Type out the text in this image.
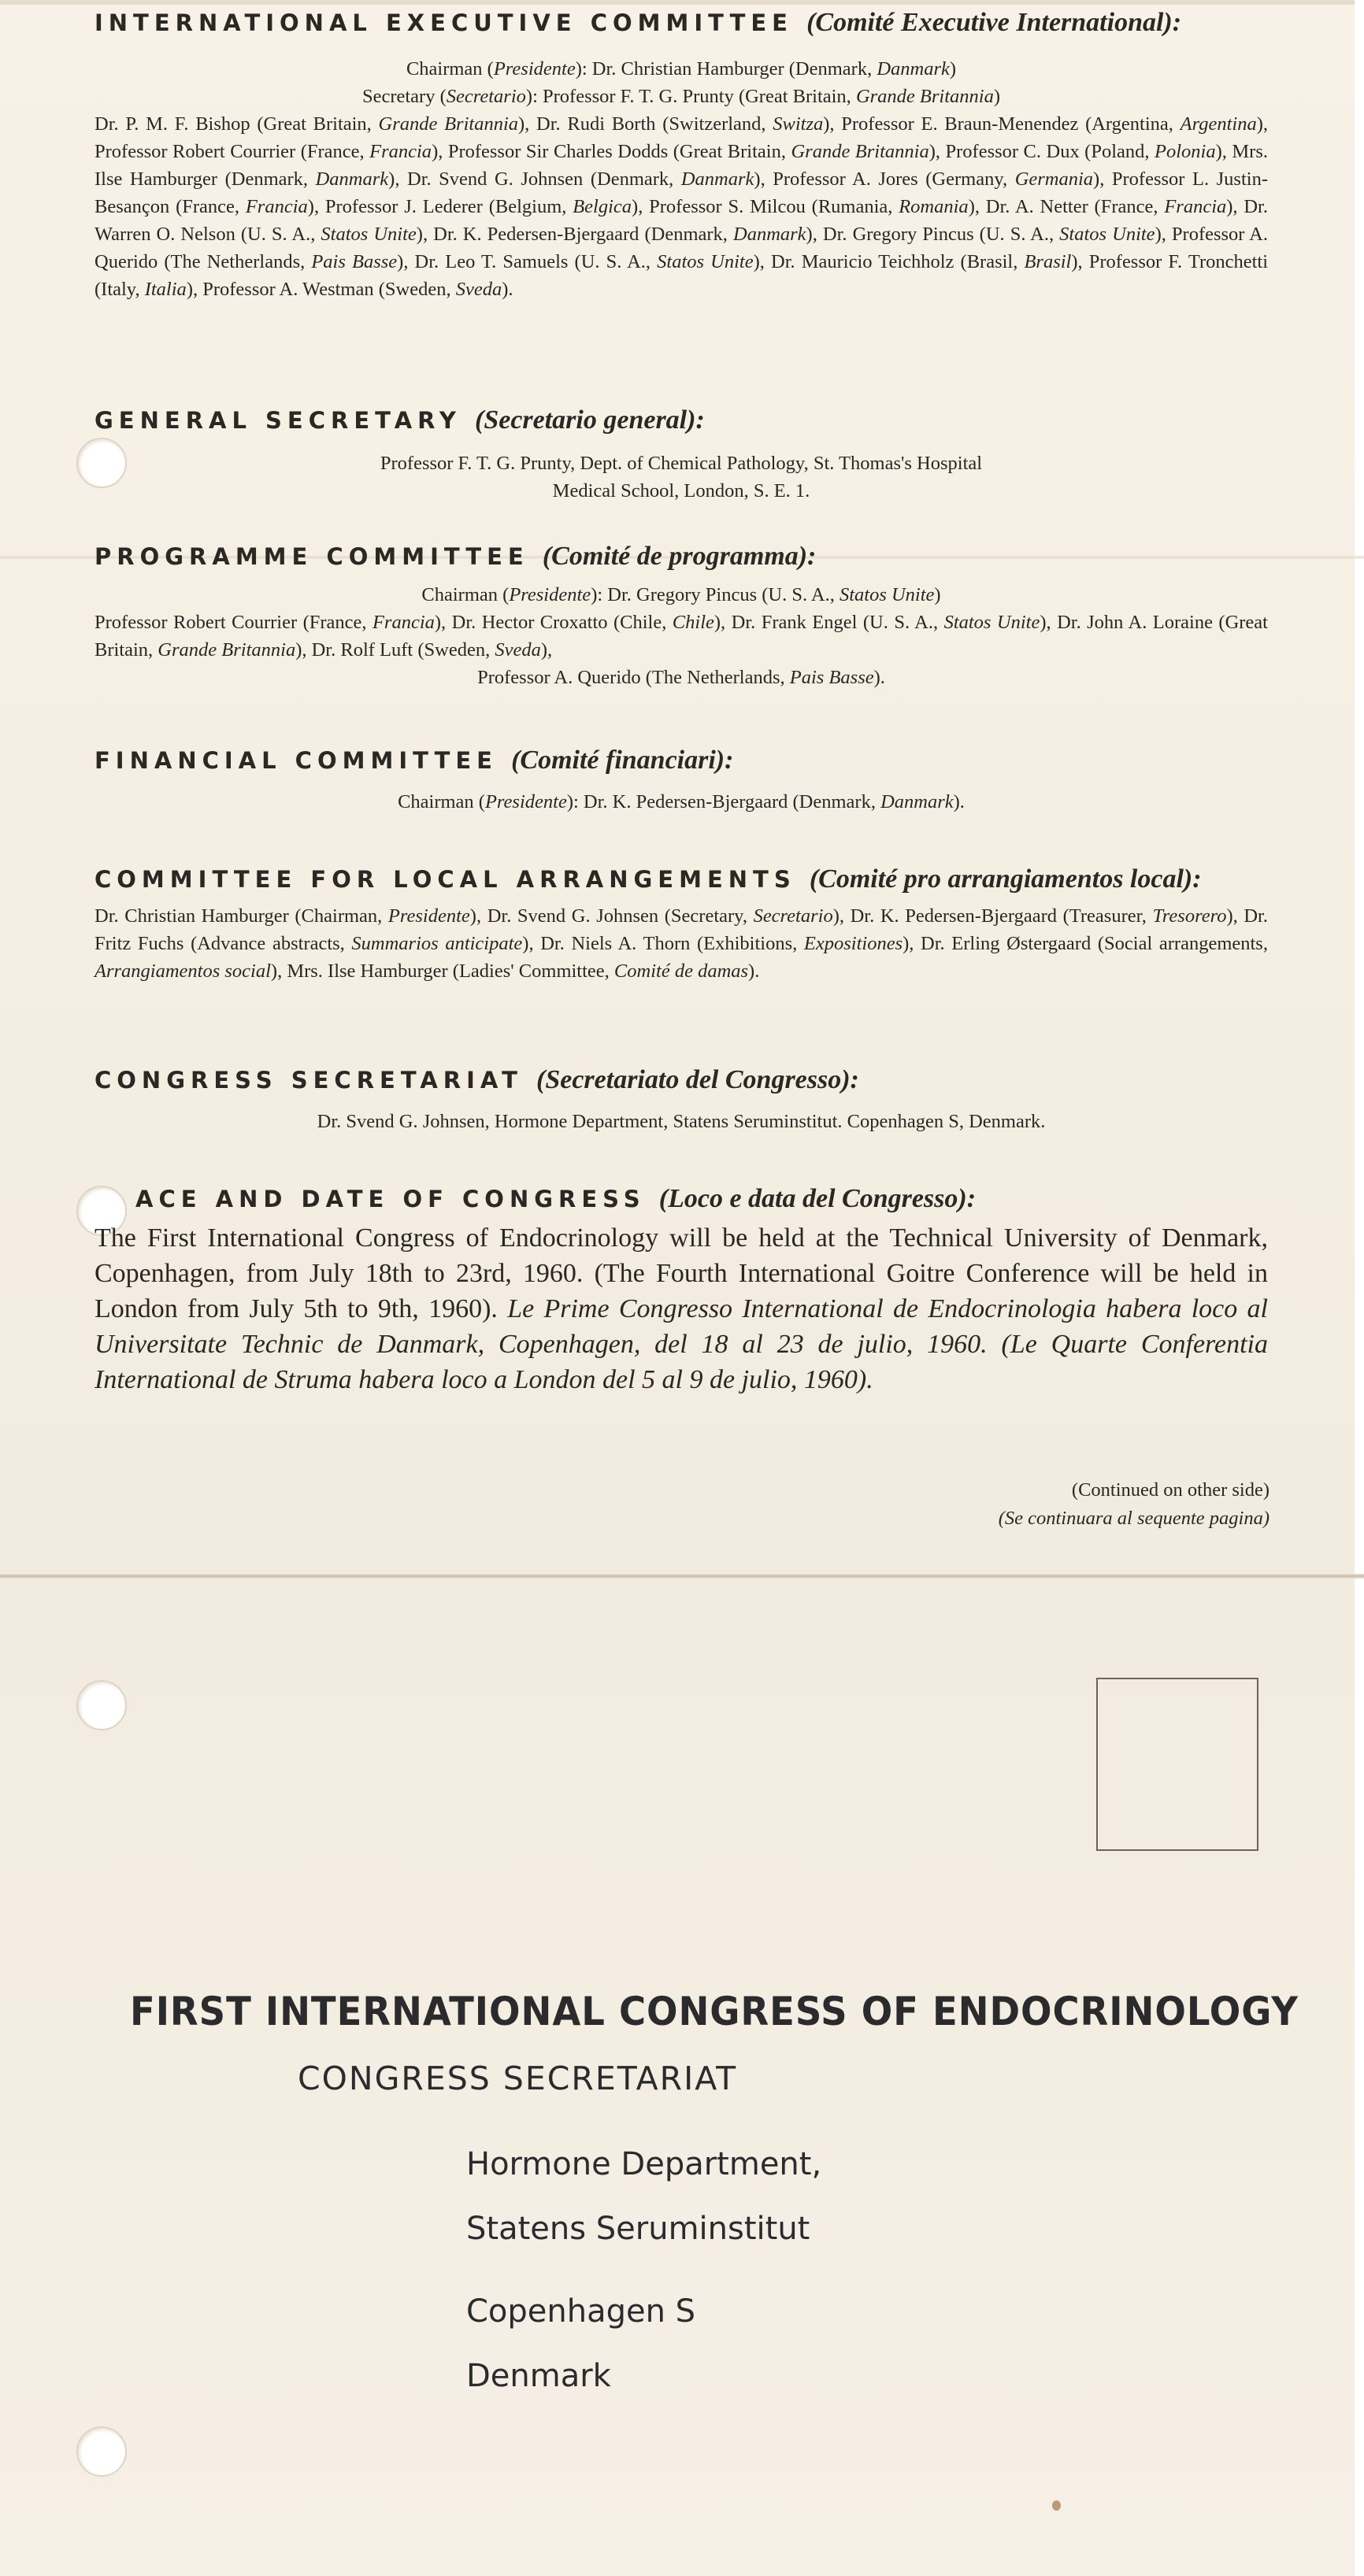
INTERNATIONAL EXECUTIVE COMMITTEE (Comité Executive International):
Chairman (Presidente): Dr. Christian Hamburger (Denmark, Danmark)
Secretary (Secretario): Professor F. T. G. Prunty (Great Britain, Grande Britannia)

Dr. P. M. F. Bishop (Great Britain, Grande Britannia), Dr. Rudi Borth (Switzerland, Switza), Professor E. Braun-Menendez (Argentina, Argentina), Professor Robert Courrier (France, Francia), Professor Sir Charles Dodds (Great Britain, Grande Britannia), Professor C. Dux (Poland, Polonia), Mrs. Ilse Hamburger (Denmark, Danmark), Dr. Svend G. Johnsen (Denmark, Danmark), Professor A. Jores (Germany, Germania), Professor L. Justin-Besançon (France, Francia), Professor J. Lederer (Belgium, Belgica), Professor S. Milcou (Rumania, Romania), Dr. A. Netter (France, Francia), Dr. Warren O. Nelson (U. S. A., Statos Unite), Dr. K. Pedersen-Bjergaard (Denmark, Danmark), Dr. Gregory Pincus (U. S. A., Statos Unite), Professor A. Querido (The Netherlands, Pais Basse), Dr. Leo T. Samuels (U. S. A., Statos Unite), Dr. Mauricio Teichholz (Brasil, Brasil), Professor F. Tronchetti (Italy, Italia), Professor A. Westman (Sweden, Sveda).

GENERAL SECRETARY (Secretario general):
Professor F. T. G. Prunty, Dept. of Chemical Pathology, St. Thomas's Hospital
Medical School, London, S. E. 1.
PROGRAMME COMMITTEE (Comité de programma):
Chairman (Presidente): Dr. Gregory Pincus (U. S. A., Statos Unite)

Professor Robert Courrier (France, Francia), Dr. Hector Croxatto (Chile, Chile), Dr. Frank Engel (U. S. A., Statos Unite), Dr. John A. Loraine (Great Britain, Grande Britannia), Dr. Rolf Luft (Sweden, Sveda),

Professor A. Querido (The Netherlands, Pais Basse).
FINANCIAL COMMITTEE (Comité financiari):
Chairman (Presidente): Dr. K. Pedersen-Bjergaard (Denmark, Danmark).
COMMITTEE FOR LOCAL ARRANGEMENTS (Comité pro arrangiamentos local):

Dr. Christian Hamburger (Chairman, Presidente), Dr. Svend G. Johnsen (Secretary, Secretario), Dr. K. Pedersen-Bjergaard (Treasurer, Tresorero), Dr. Fritz Fuchs (Advance abstracts, Summarios anticipate), Dr. Niels A. Thorn (Exhibitions, Expositiones), Dr. Erling Østergaard (Social arrangements, Arrangiamentos social), Mrs. Ilse Hamburger (Ladies' Committee, Comité de damas).

CONGRESS SECRETARIAT (Secretariato del Congresso):
Dr. Svend G. Johnsen, Hormone Department, Statens Seruminstitut. Copenhagen S, Denmark.
ACE AND DATE OF CONGRESS (Loco e data del Congresso):

The First International Congress of Endocrinology will be held at the Technical University of Denmark, Copenhagen, from July 18th to 23rd, 1960. (The Fourth International Goitre Conference will be held in London from July 5th to 9th, 1960). Le Prime Congresso International de Endocrinologia habera loco al Universitate Technic de Danmark, Copenhagen, del 18 al 23 de julio, 1960. (Le Quarte Conferentia International de Struma habera loco a London del 5 al 9 de julio, 1960).

(Continued on other side)
(Se continuara al sequente pagina)
FIRST INTERNATIONAL CONGRESS OF ENDOCRINOLOGY

CONGRESS SECRETARIAT

Hormone Department,

Statens Seruminstitut

Copenhagen S

Denmark
